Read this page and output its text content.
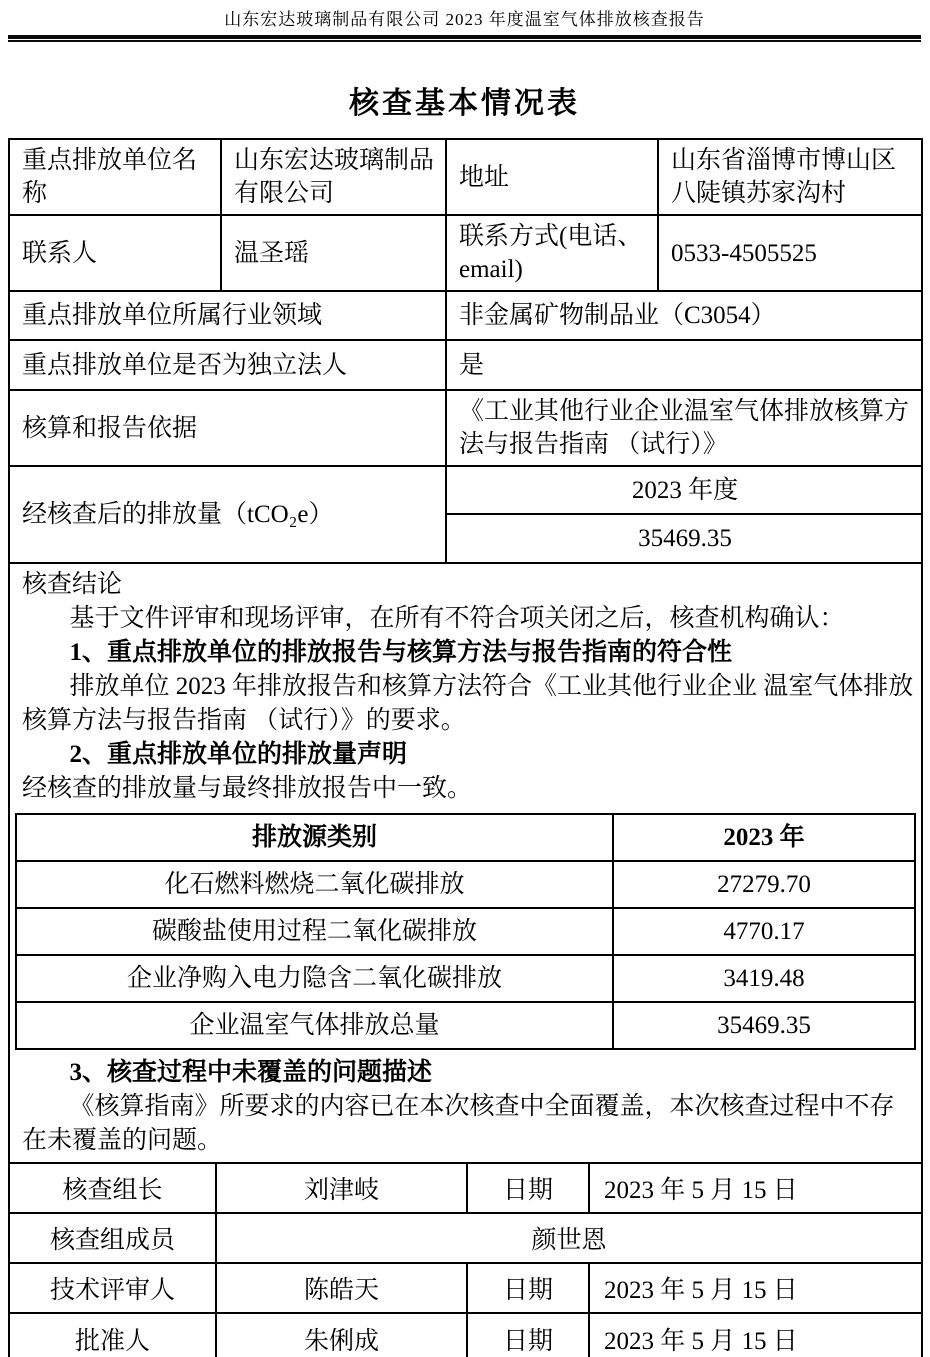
山东宏达玻璃制品有限公司 2023 年度温室气体排放核查报告
核查基本情况表
重点排放单位名称	山东宏达玻璃制品有限公司	地址	山东省淄博市博山区八陡镇苏家沟村
联系人	温圣瑶	联系方式(电话、email)	0533-4505525
重点排放单位所属行业领域	非金属矿物制品业（C3054）
重点排放单位是否为独立法人	是
核算和报告依据	《工业其他行业企业温室气体排放核算方法与报告指南 （试行）》
经核查后的排放量（tCO₂e）	2023 年度
35469.35

核查结论
基于文件评审和现场评审，在所有不符合项关闭之后，核查机构确认：
1、重点排放单位的排放报告与核算方法与报告指南的符合性
排放单位 2023 年排放报告和核算方法符合《工业其他行业企业 温室气体排放核算方法与报告指南 （试行）》的要求。
2、重点排放单位的排放量声明
经核查的排放量与最终排放报告中一致。
排放源类别	2023 年
化石燃料燃烧二氧化碳排放	27279.70
碳酸盐使用过程二氧化碳排放	4770.17
企业净购入电力隐含二氧化碳排放	3419.48
企业温室气体排放总量	35469.35
3、核查过程中未覆盖的问题描述
《核算指南》所要求的内容已在本次核查中全面覆盖，本次核查过程中不存在未覆盖的问题。
核查组长	刘津岐	日期	2023 年 5 月 15 日
核查组成员	颜世恩		
技术评审人	陈皓天	日期	2023 年 5 月 15 日
批准人	朱俐成	日期	2023 年 5 月 15 日
